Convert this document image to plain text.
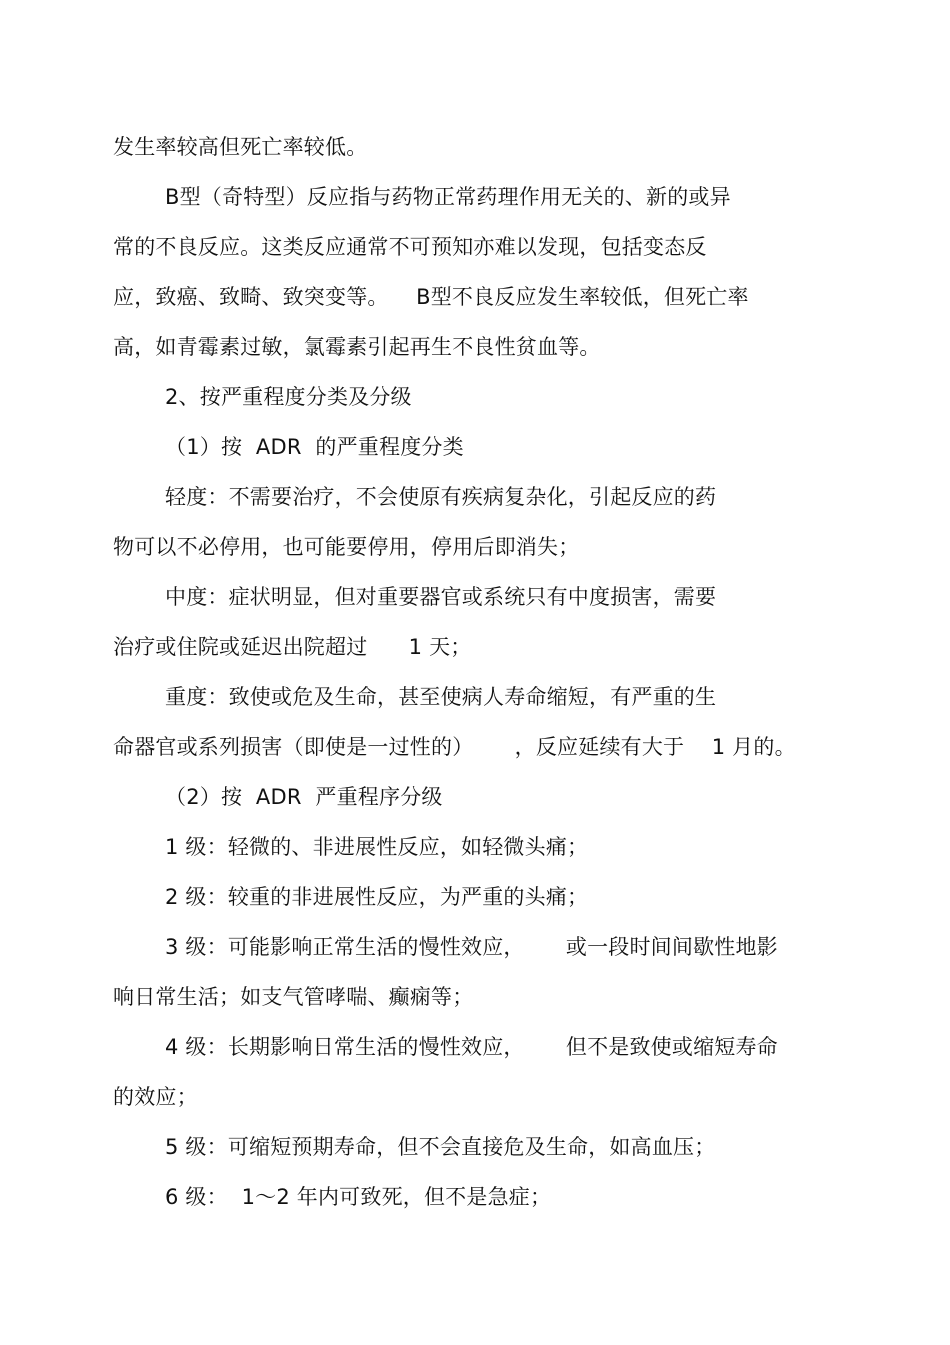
发生率较高但死亡率较低。
B型（奇特型）反应指与药物正常药理作用无关的、新的或异
常的不良反应。这类反应通常不可预知亦难以发现，包括变态反
应，致癌、致畸、致突变等。    B型不良反应发生率较低，但死亡率
高，如青霉素过敏，氯霉素引起再生不良性贫血等。
2、按严重程度分类及分级
（1）按  ADR  的严重程度分类
轻度：不需要治疗，不会使原有疾病复杂化，引起反应的药
物可以不必停用，也可能要停用，停用后即消失；
中度：症状明显，但对重要器官或系统只有中度损害，需要
治疗或住院或延迟出院超过      1 天；
重度：致使或危及生命，甚至使病人寿命缩短，有严重的生
命器官或系列损害（即使是一过性的）      ，反应延续有大于    1 月的。
（2）按  ADR  严重程序分级
1 级：轻微的、非进展性反应，如轻微头痛；
2 级：较重的非进展性反应，为严重的头痛；
3 级：可能影响正常生活的慢性效应，      或一段时间间歇性地影
响日常生活；如支气管哮喘、癫痫等；
4 级：长期影响日常生活的慢性效应，      但不是致使或缩短寿命
的效应；
5 级：可缩短预期寿命，但不会直接危及生命，如高血压；
6 级：  1～2 年内可致死，但不是急症；
